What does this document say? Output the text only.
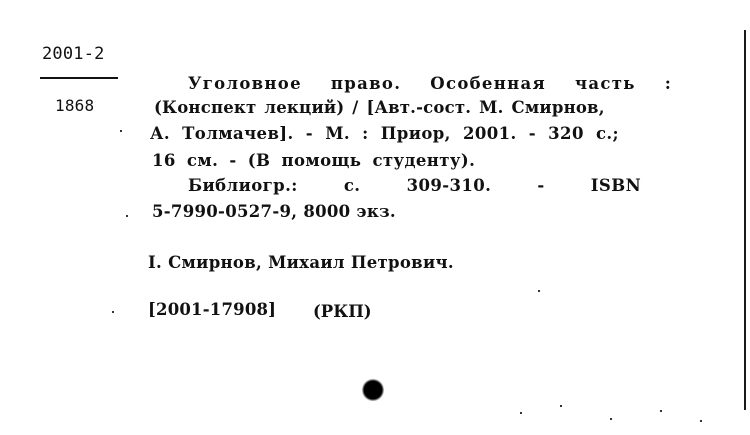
2001-2
1868
Уголовное право. Особенная часть :
(Конспект лекций) / [Авт.-сост. М. Смирнов,
А. Толмачев]. - М. : Приор, 2001. - 320 с.;
16 см. - (В помощь студенту).
Библиогр.: с. 309-310. - ISBN
5-7990-0527-9, 8000 экз.
I. Смирнов, Михаил Петрович.
[2001-17908] (РКП)
